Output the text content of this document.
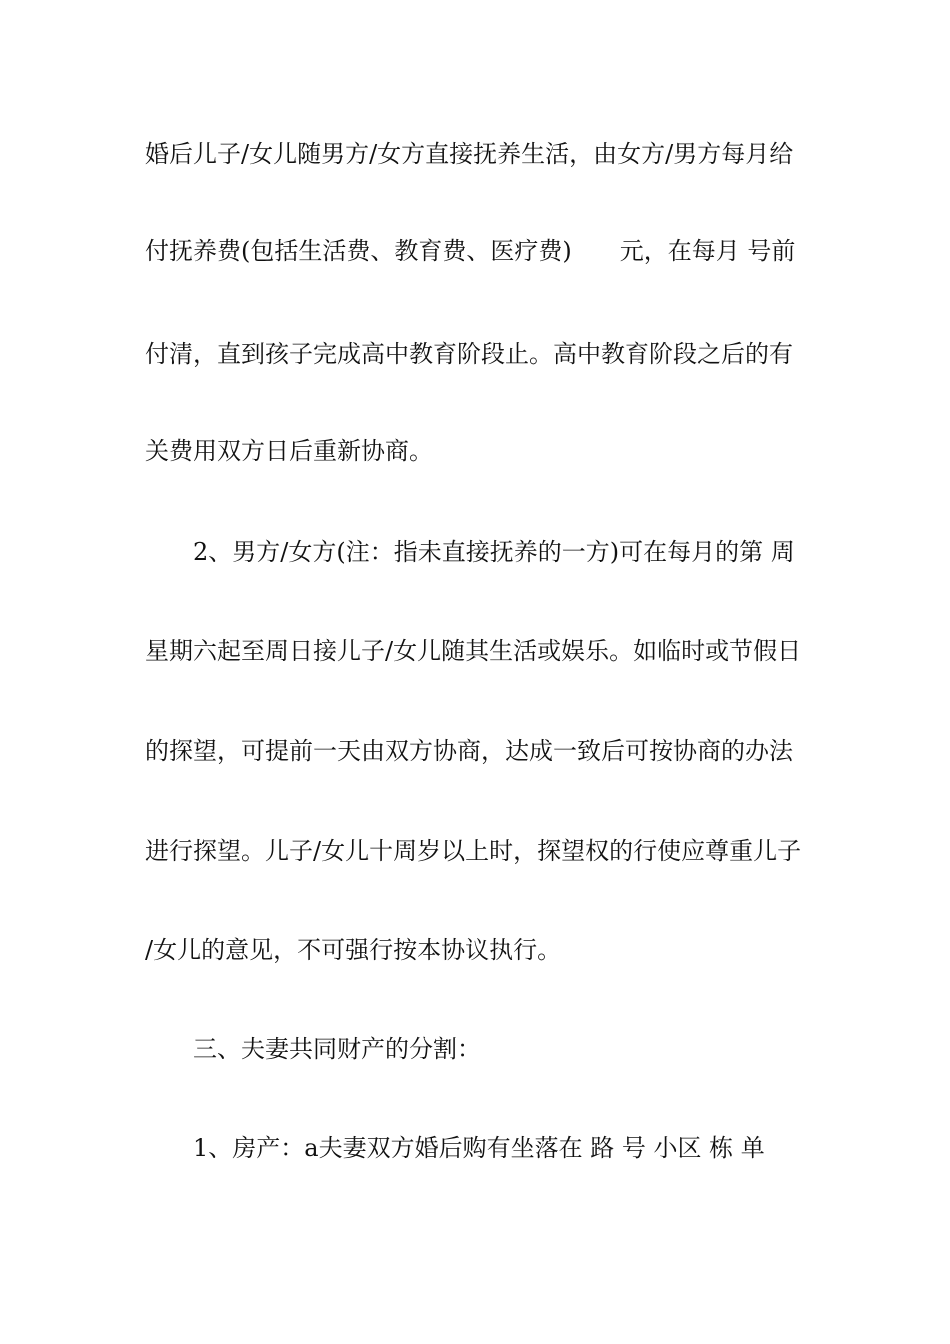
婚后儿子/女儿随男方/女方直接抚养生活，由女方/男方每月给
付抚养费(包括生活费、教育费、医疗费)　　元，在每月 号前
付清，直到孩子完成高中教育阶段止。高中教育阶段之后的有
关费用双方日后重新协商。
　　2、男方/女方(注：指未直接抚养的一方)可在每月的第 周
星期六起至周日接儿子/女儿随其生活或娱乐。如临时或节假日
的探望，可提前一天由双方协商，达成一致后可按协商的办法
进行探望。儿子/女儿十周岁以上时，探望权的行使应尊重儿子
/女儿的意见，不可强行按本协议执行。
　　三、夫妻共同财产的分割：
　　1、房产：a夫妻双方婚后购有坐落在 路 号 小区 栋 单
